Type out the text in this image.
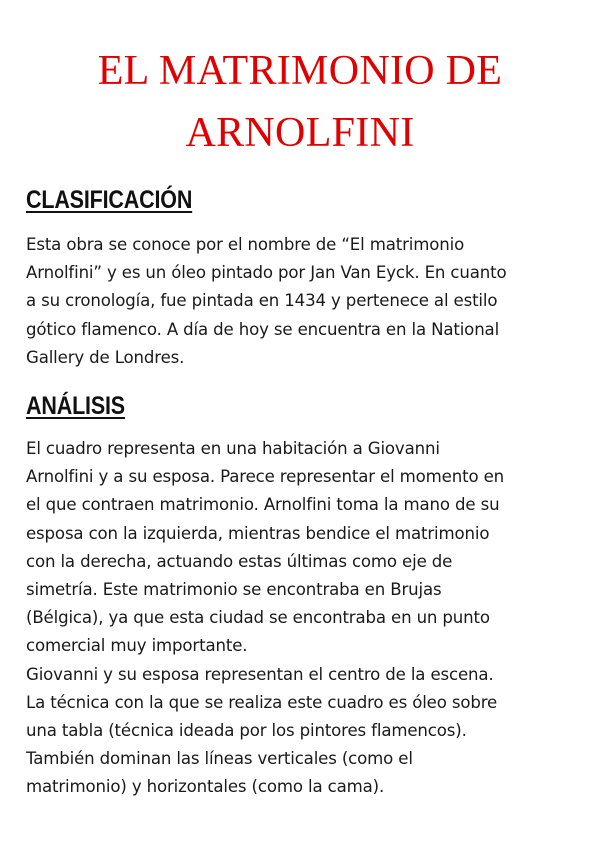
EL MATRIMONIO DE
ARNOLFINI
CLASIFICACIÓN

Esta obra se conoce por el nombre de “El matrimonio
Arnolfini” y es un óleo pintado por Jan Van Eyck. En cuanto
a su cronología, fue pintada en 1434 y pertenece al estilo
gótico flamenco. A día de hoy se encuentra en la National
Gallery de Londres.

ANÁLISIS

El cuadro representa en una habitación a Giovanni
Arnolfini y a su esposa. Parece representar el momento en
el que contraen matrimonio. Arnolfini toma la mano de su
esposa con la izquierda, mientras bendice el matrimonio
con la derecha, actuando estas últimas como eje de
simetría. Este matrimonio se encontraba en Brujas
(Bélgica), ya que esta ciudad se encontraba en un punto
comercial muy importante.
Giovanni y su esposa representan el centro de la escena.
La técnica con la que se realiza este cuadro es óleo sobre
una tabla (técnica ideada por los pintores flamencos).
También dominan las líneas verticales (como el
matrimonio) y horizontales (como la cama).
